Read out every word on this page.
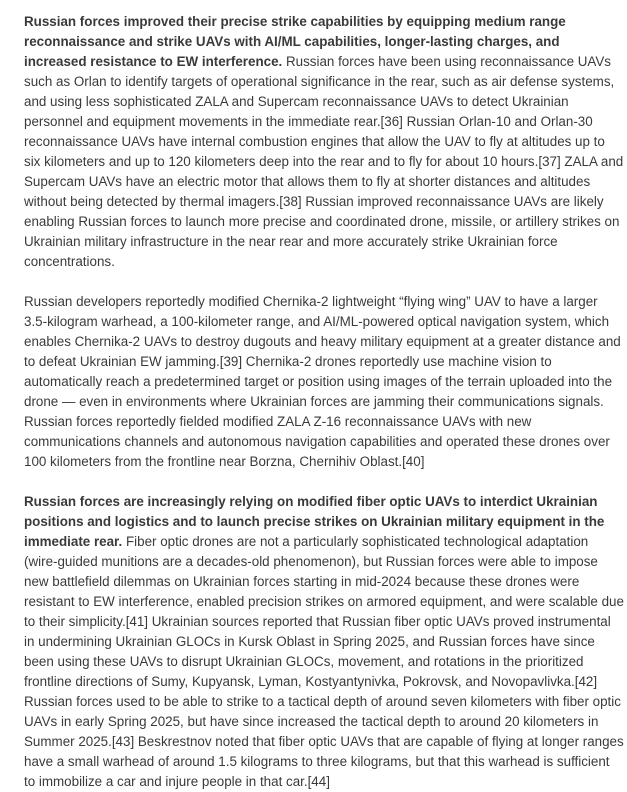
Russian forces improved their precise strike capabilities by equipping medium range reconnaissance and strike UAVs with AI/ML capabilities, longer-lasting charges, and increased resistance to EW interference. Russian forces have been using reconnaissance UAVs such as Orlan to identify targets of operational significance in the rear, such as air defense systems, and using less sophisticated ZALA and Supercam reconnaissance UAVs to detect Ukrainian personnel and equipment movements in the immediate rear.[36] Russian Orlan-10 and Orlan-30 reconnaissance UAVs have internal combustion engines that allow the UAV to fly at altitudes up to six kilometers and up to 120 kilometers deep into the rear and to fly for about 10 hours.[37] ZALA and Supercam UAVs have an electric motor that allows them to fly at shorter distances and altitudes without being detected by thermal imagers.[38] Russian improved reconnaissance UAVs are likely enabling Russian forces to launch more precise and coordinated drone, missile, or artillery strikes on Ukrainian military infrastructure in the near rear and more accurately strike Ukrainian force concentrations.

Russian developers reportedly modified Chernika-2 lightweight “flying wing” UAV to have a larger 3.5-kilogram warhead, a 100-kilometer range, and AI/ML-powered optical navigation system, which enables Chernika-2 UAVs to destroy dugouts and heavy military equipment at a greater distance and to defeat Ukrainian EW jamming.[39] Chernika-2 drones reportedly use machine vision to automatically reach a predetermined target or position using images of the terrain uploaded into the drone — even in environments where Ukrainian forces are jamming their communications signals. Russian forces reportedly fielded modified ZALA Z-16 reconnaissance UAVs with new communications channels and autonomous navigation capabilities and operated these drones over 100 kilometers from the frontline near Borzna, Chernihiv Oblast.[40]

Russian forces are increasingly relying on modified fiber optic UAVs to interdict Ukrainian positions and logistics and to launch precise strikes on Ukrainian military equipment in the immediate rear. Fiber optic drones are not a particularly sophisticated technological adaptation (wire-guided munitions are a decades-old phenomenon), but Russian forces were able to impose new battlefield dilemmas on Ukrainian forces starting in mid-2024 because these drones were resistant to EW interference, enabled precision strikes on armored equipment, and were scalable due to their simplicity.[41] Ukrainian sources reported that Russian fiber optic UAVs proved instrumental in undermining Ukrainian GLOCs in Kursk Oblast in Spring 2025, and Russian forces have since been using these UAVs to disrupt Ukrainian GLOCs, movement, and rotations in the prioritized frontline directions of Sumy, Kupyansk, Lyman, Kostyantynivka, Pokrovsk, and Novopavlivka.[42] Russian forces used to be able to strike to a tactical depth of around seven kilometers with fiber optic UAVs in early Spring 2025, but have since increased the tactical depth to around 20 kilometers in Summer 2025.[43] Beskrestnov noted that fiber optic UAVs that are capable of flying at longer ranges have a small warhead of around 1.5 kilograms to three kilograms, but that this warhead is sufficient to immobilize a car and injure people in that car.[44]
